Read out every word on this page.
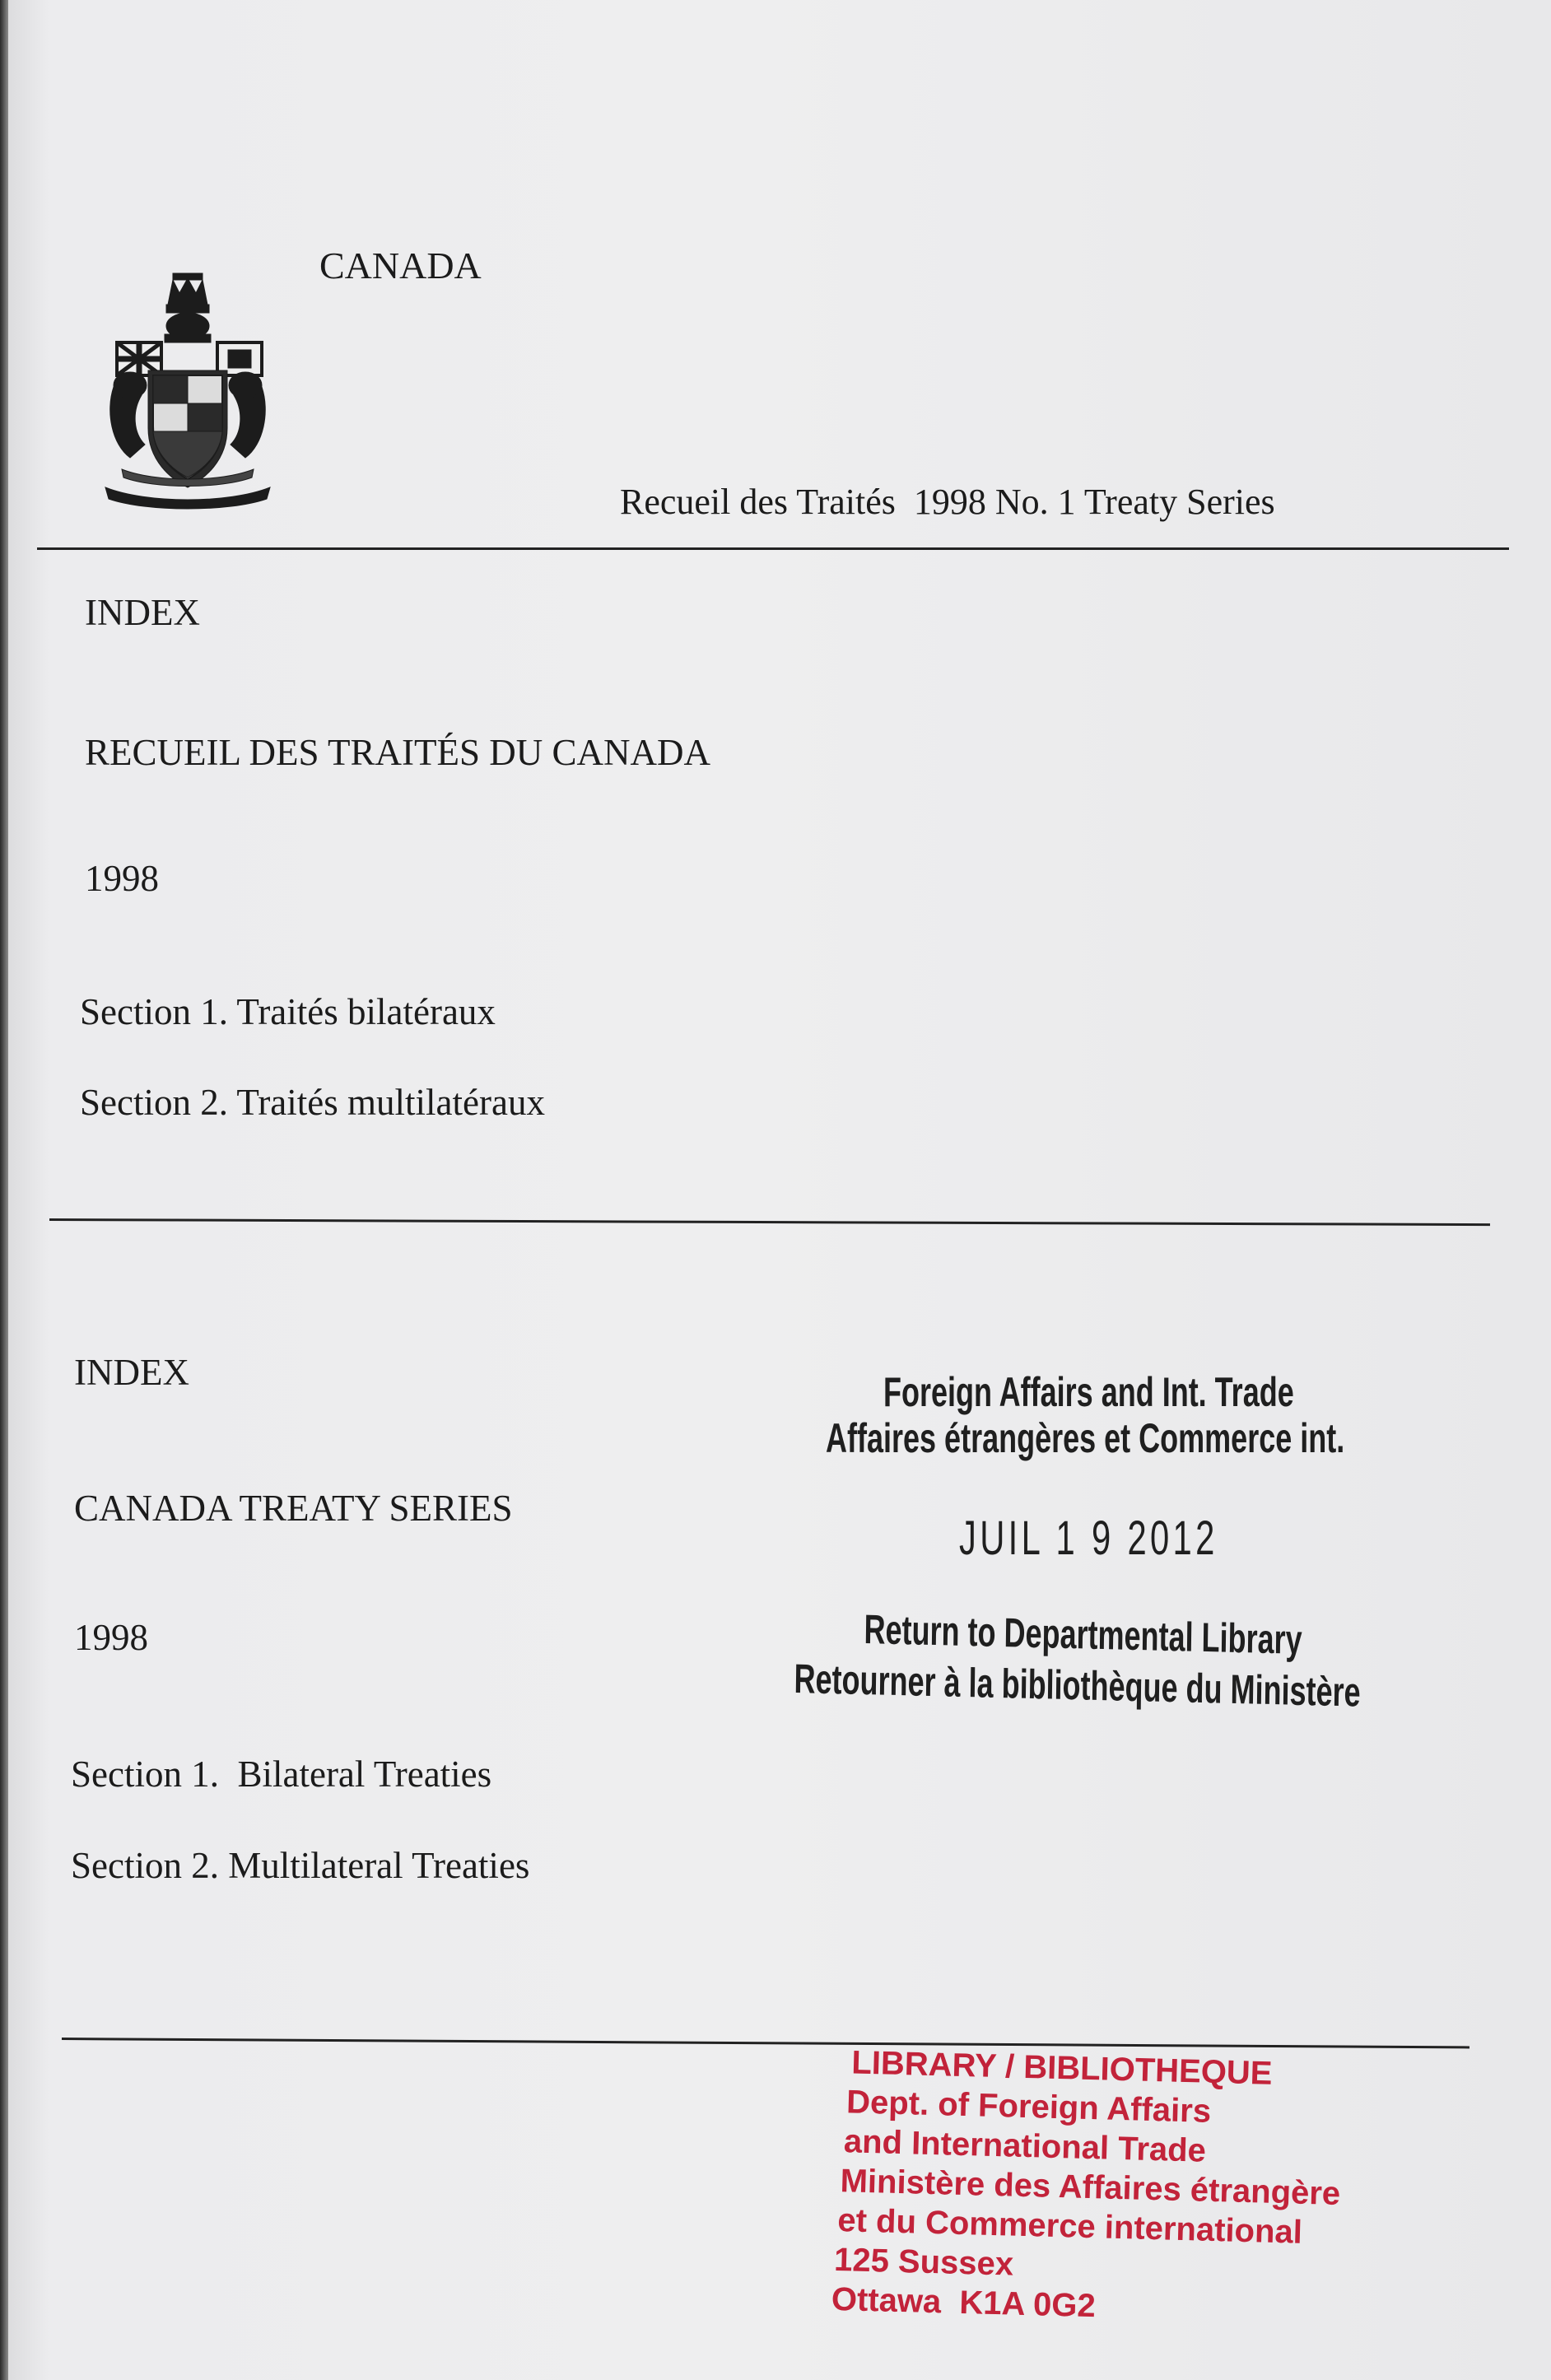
CANADA
Recueil des Traités  1998 No. 1 Treaty Series
INDEX
RECUEIL DES TRAITÉS DU CANADA
1998
Section 1. Traités bilatéraux
Section 2. Traités multilatéraux
INDEX
CANADA TREATY SERIES
1998
Section 1.  Bilateral Treaties
Section 2. Multilateral Treaties
Foreign Affairs and Int. Trade
Affaires étrangères et Commerce int.
JUIL 1 9 2012
Return to Departmental Library
Retourner à la bibliothèque du Ministère
LIBRARY / BIBLIOTHEQUE
Dept. of Foreign Affairs
and International Trade
Ministère des Affaires étrangère
et du Commerce international
125 Sussex
Ottawa  K1A 0G2
